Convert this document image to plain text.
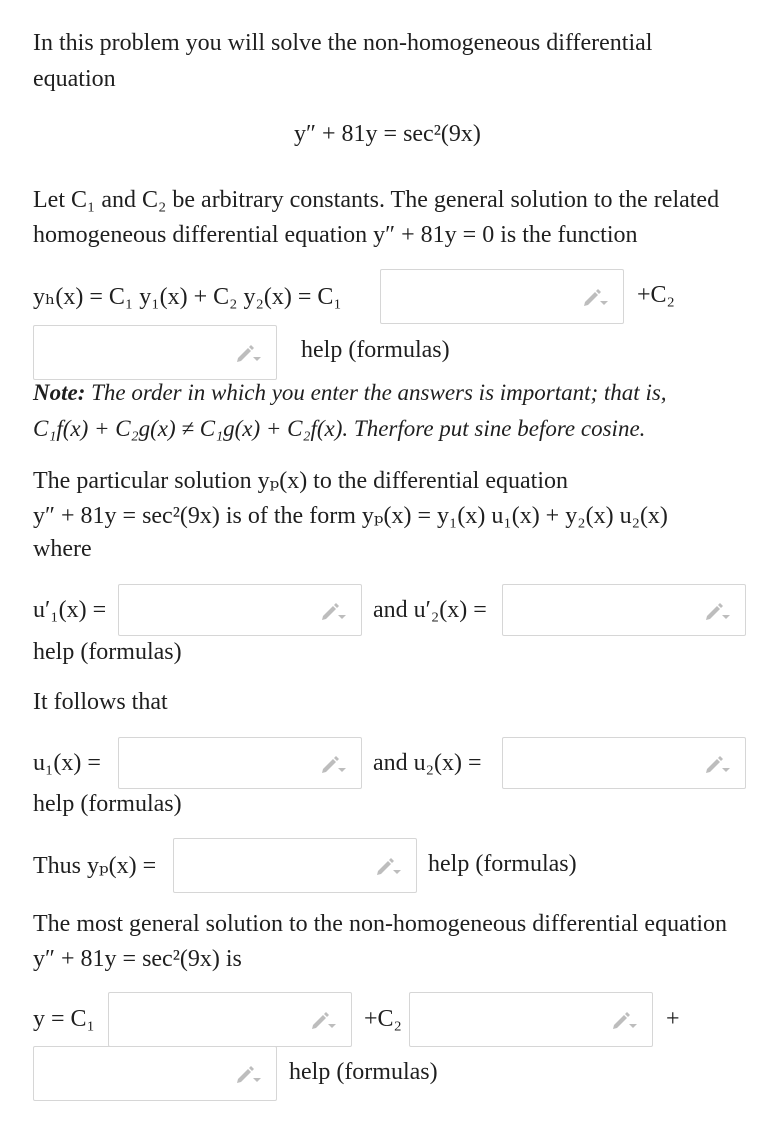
In this problem you will solve the non-homogeneous differential
equation
y″ + 81y = sec²(9x)
Let C₁ and C₂ be arbitrary constants. The general solution to the related
homogeneous differential equation y″ + 81y = 0 is the function
yₕ(x) = C₁ y₁(x) + C₂ y₂(x) = C₁	+C₂
help (formulas)
Note: The order in which you enter the answers is important; that is,
C₁f(x) + C₂g(x) ≠ C₁g(x) + C₂f(x). Therfore put sine before cosine.
The particular solution yₚ(x) to the differential equation
y″ + 81y = sec²(9x) is of the form yₚ(x) = y₁(x) u₁(x) + y₂(x) u₂(x)
where
u′₁(x) =	and u′₂(x) =
help (formulas)
It follows that
u₁(x) =	and u₂(x) =
help (formulas)
Thus yₚ(x) =	help (formulas)
The most general solution to the non-homogeneous differential equation
y″ + 81y = sec²(9x) is
y = C₁	+C₂	+
help (formulas)
